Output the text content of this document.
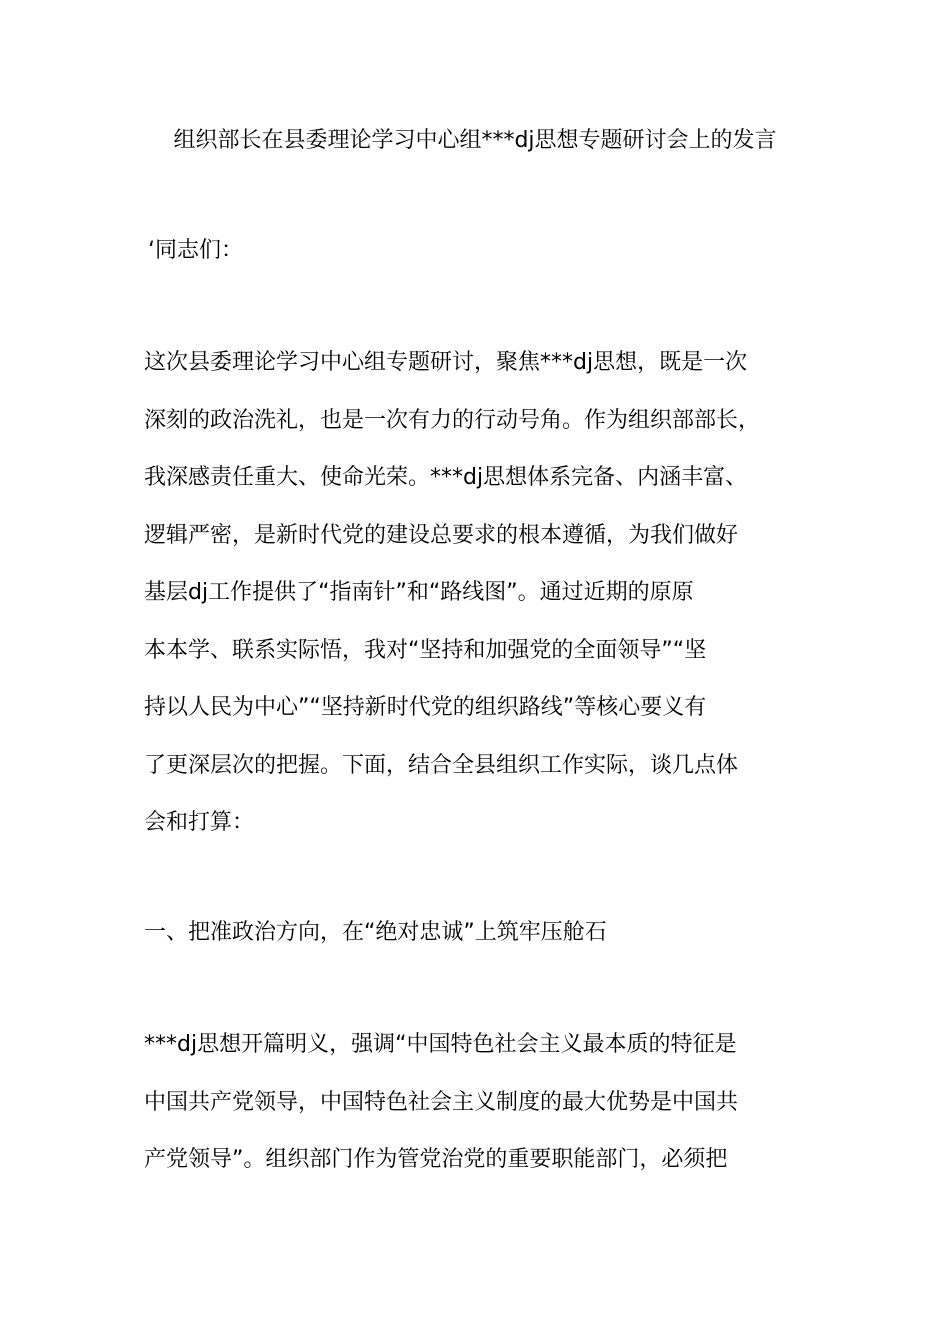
组织部长在县委理论学习中心组***dj思想专题研讨会上的发言
‘同志们：
这次县委理论学习中心组专题研讨，聚焦***dj思想，既是一次
深刻的政治洗礼，也是一次有力的行动号角。作为组织部部长，
我深感责任重大、使命光荣。***dj思想体系完备、内涵丰富、
逻辑严密，是新时代党的建设总要求的根本遵循，为我们做好
基层dj工作提供了“指南针”和“路线图”。通过近期的原原
本本学、联系实际悟，我对“坚持和加强党的全面领导”“坚
持以人民为中心”“坚持新时代党的组织路线”等核心要义有
了更深层次的把握。下面，结合全县组织工作实际，谈几点体
会和打算：
一、把准政治方向，在“绝对忠诚”上筑牢压舱石
***dj思想开篇明义，强调“中国特色社会主义最本质的特征是
中国共产党领导，中国特色社会主义制度的最大优势是中国共
产党领导”。组织部门作为管党治党的重要职能部门，必须把
